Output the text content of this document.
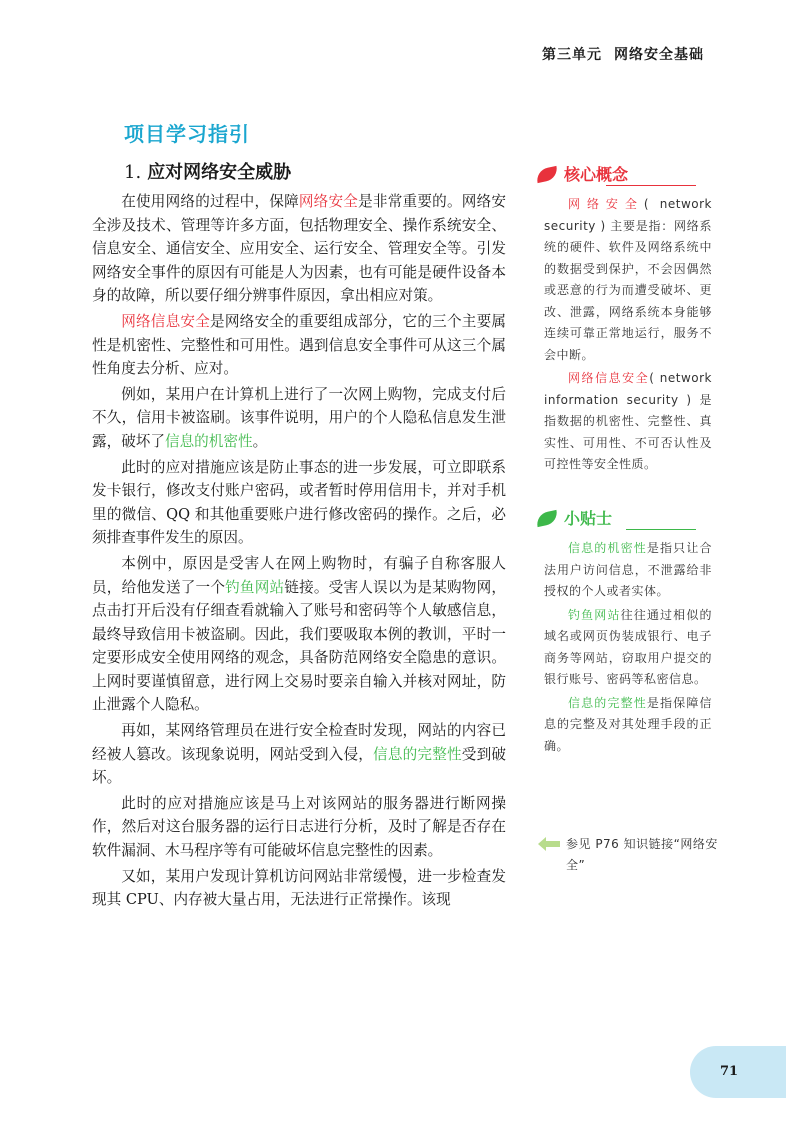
第三单元 网络安全基础
项目学习指引
1. 应对网络安全威胁

在使用网络的过程中，保障网络安全是非常重要的。网络安全涉及技术、管理等许多方面，包括物理安全、操作系统安全、信息安全、通信安全、应用安全、运行安全、管理安全等。引发网络安全事件的原因有可能是人为因素，也有可能是硬件设备本身的故障，所以要仔细分辨事件原因，拿出相应对策。

网络信息安全是网络安全的重要组成部分，它的三个主要属性是机密性、完整性和可用性。遇到信息安全事件可从这三个属性角度去分析、应对。

例如，某用户在计算机上进行了一次网上购物，完成支付后不久，信用卡被盗刷。该事件说明，用户的个人隐私信息发生泄露，破坏了信息的机密性。

此时的应对措施应该是防止事态的进一步发展，可立即联系发卡银行，修改支付账户密码，或者暂时停用信用卡，并对手机里的微信、QQ 和其他重要账户进行修改密码的操作。之后，必须排查事件发生的原因。

本例中，原因是受害人在网上购物时，有骗子自称客服人员，给他发送了一个钓鱼网站链接。受害人误以为是某购物网，点击打开后没有仔细查看就输入了账号和密码等个人敏感信息，最终导致信用卡被盗刷。因此，我们要吸取本例的教训，平时一定要形成安全使用网络的观念，具备防范网络安全隐患的意识。上网时要谨慎留意，进行网上交易时要亲自输入并核对网址，防止泄露个人隐私。

再如，某网络管理员在进行安全检查时发现，网站的内容已经被人篡改。该现象说明，网站受到入侵，信息的完整性受到破坏。

此时的应对措施应该是马上对该网站的服务器进行断网操作，然后对这台服务器的运行日志进行分析，及时了解是否存在软件漏洞、木马程序等有可能破坏信息完整性的因素。

又如，某用户发现计算机访问网站非常缓慢，进一步检查发现其 CPU、内存被大量占用，无法进行正常操作。该现

核心概念

网络安全( network security ) 主要是指：网络系统的硬件、软件及网络系统中的数据受到保护，不会因偶然或恶意的行为而遭受破坏、更改、泄露，网络系统本身能够连续可靠正常地运行，服务不会中断。

网络信息安全( network information security ) 是指数据的机密性、完整性、真实性、可用性、不可否认性及可控性等安全性质。

小贴士

信息的机密性是指只让合法用户访问信息，不泄露给非授权的个人或者实体。

钓鱼网站往往通过相似的域名或网页伪装成银行、电子商务等网站，窃取用户提交的银行账号、密码等私密信息。

信息的完整性是指保障信息的完整及对其处理手段的正确。

参见 P76 知识链接“网络安全”
71
